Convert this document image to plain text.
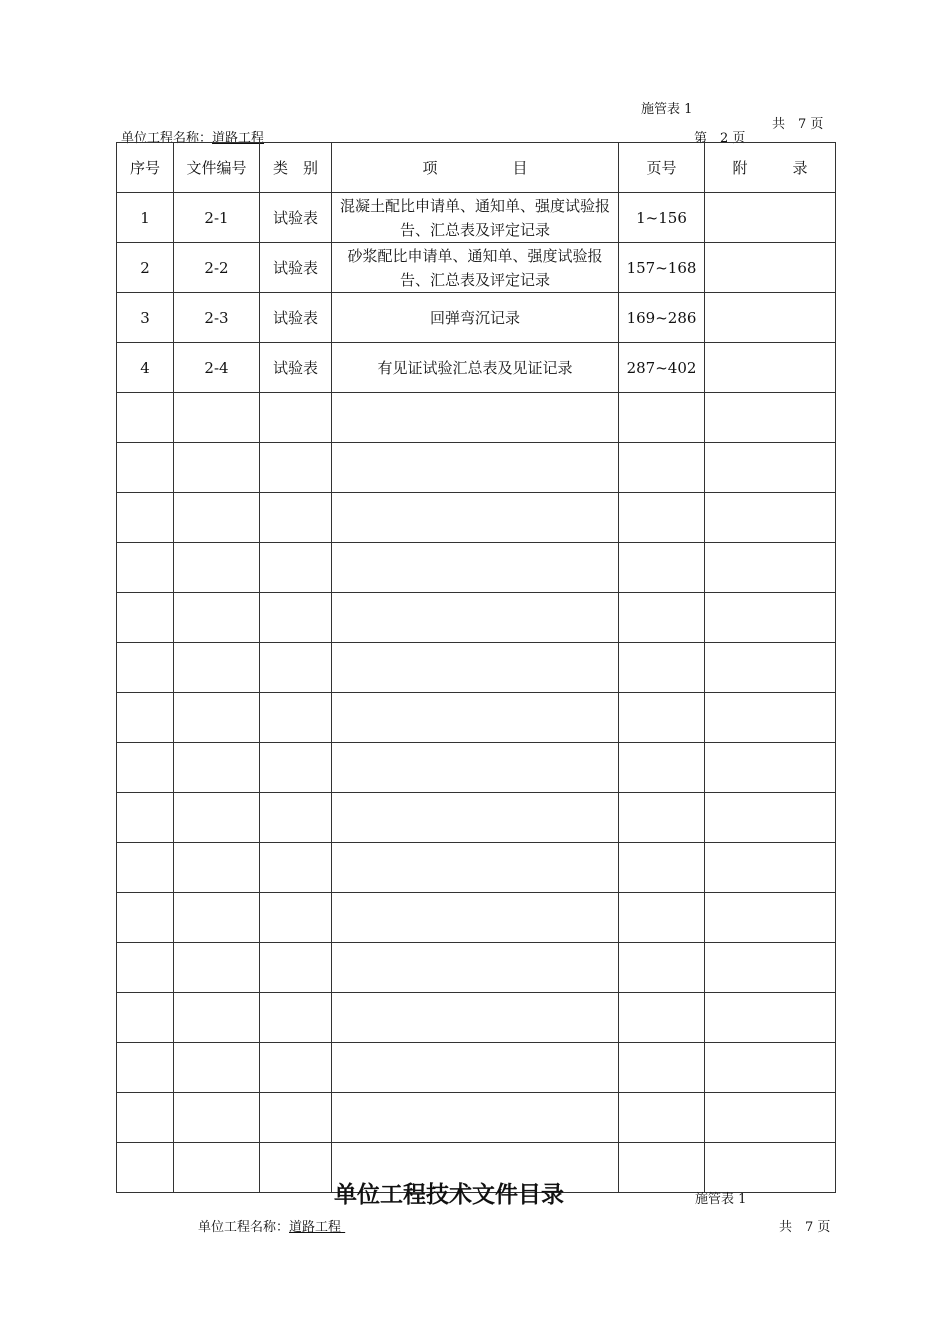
施管表 1
共　7 页
单位工程名称：道路工程	第　2 页
序号	文件编号	类　别	项　　　　　目	页号	附　　　录
1	2-1	试验表	混凝土配比申请单、通知单、强度试验报告、汇总表及评定记录	1~156	
2	2-2	试验表	砂浆配比申请单、通知单、强度试验报告、汇总表及评定记录	157~168	
3	2-3	试验表	回弹弯沉记录	169~286	
4	2-4	试验表	有见证试验汇总表及见证记录	287~402	

单位工程技术文件目录	施管表 1
单位工程名称：道路工程	共　7 页
